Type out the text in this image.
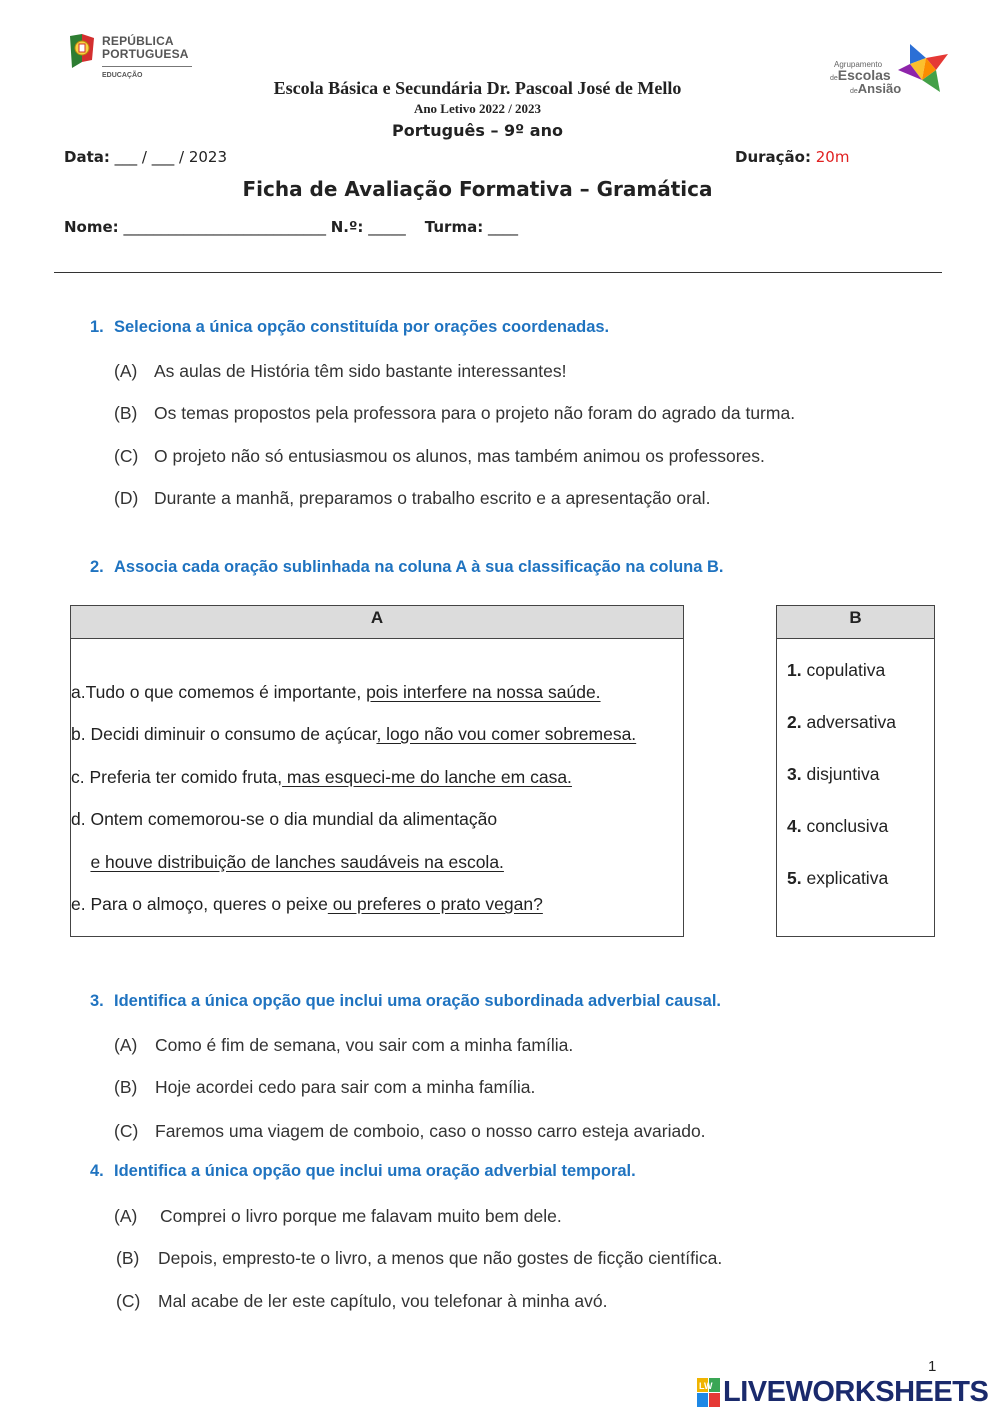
REPÚBLICA
PORTUGUESA
EDUCAÇÃO
Agrupamento
deEscolas
deAnsião
Escola Básica e Secundária Dr. Pascoal José de Mello
Ano Letivo 2022 / 2023
Português – 9º ano
Data: ___ / ___ / 2023	Duração: 20m
Ficha de Avaliação Formativa – Gramática
Nome: ___________________________ N.º: _____    Turma: ____
1. Seleciona a única opção constituída por orações coordenadas.
(A) As aulas de História têm sido bastante interessantes!
(B) Os temas propostos pela professora para o projeto não foram do agrado da turma.
(C) O projeto não só entusiasmou os alunos, mas também animou os professores.
(D) Durante a manhã, preparamos o trabalho escrito e a apresentação oral.
2. Associa cada oração sublinhada na coluna A à sua classificação na coluna B.
A
a.Tudo o que comemos é importante, pois interfere na nossa saúde.
b. Decidi diminuir o consumo de açúcar, logo não vou comer sobremesa.
c. Preferia ter comido fruta, mas esqueci-me do lanche em casa.
d. Ontem comemorou-se o dia mundial da alimentação
e houve distribuição de lanches saudáveis na escola.
e. Para o almoço, queres o peixe ou preferes o prato vegan?
B
1. copulativa
2. adversativa
3. disjuntiva
4. conclusiva
5. explicativa
3. Identifica a única opção que inclui uma oração subordinada adverbial causal.
(A) Como é fim de semana, vou sair com a minha família.
(B) Hoje acordei cedo para sair com a minha família.
(C) Faremos uma viagem de comboio, caso o nosso carro esteja avariado.
4. Identifica a única opção que inclui uma oração adverbial temporal.
(A) Comprei o livro porque me falavam muito bem dele.
(B) Depois, empresto-te o livro, a menos que não gostes de ficção científica.
(C) Mal acabe de ler este capítulo, vou telefonar à minha avó.
1
LW LIVEWORKSHEETS
